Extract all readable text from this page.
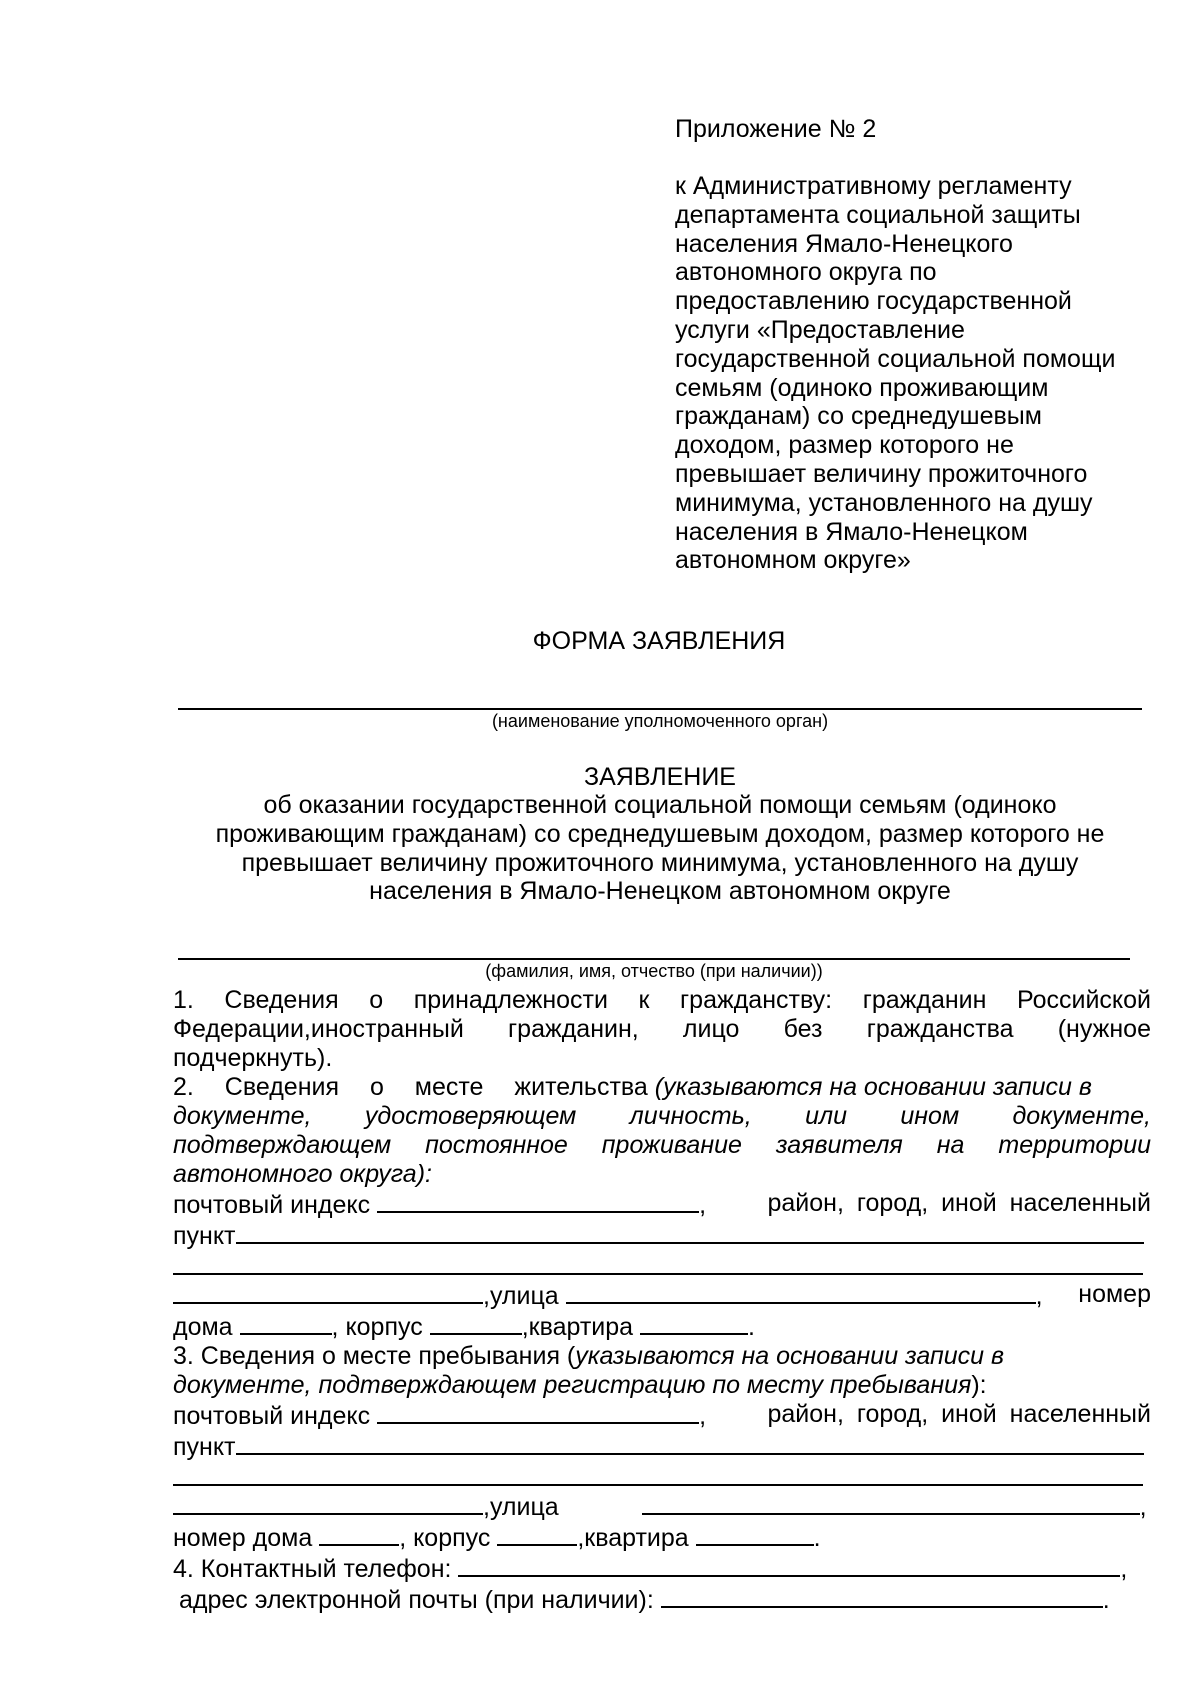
Приложение № 2
к Административному регламенту
департамента социальной защиты
населения Ямало-Ненецкого
автономного округа по
предоставлению государственной
услуги «Предоставление
государственной социальной помощи
семьям (одиноко проживающим
гражданам) со среднедушевым
доходом, размер которого не
превышает величину прожиточного
минимума, установленного на душу
населения в Ямало-Ненецком
автономном округе»
ФОРМА ЗАЯВЛЕНИЯ
(наименование уполномоченного орган)
ЗАЯВЛЕНИЕ
об оказании государственной социальной помощи семьям (одиноко
проживающим гражданам) со среднедушевым доходом, размер которого не
превышает величину прожиточного минимума, установленного на душу
населения в Ямало-Ненецком автономном округе
(фамилия, имя, отчество (при наличии))
1. Сведения о принадлежности к гражданству: гражданин Российской
Федерации,иностранный гражданин, лицо без гражданства (нужное
подчеркнуть).
2. Сведения о месте жительства (указываются на основании записи в
документе, удостоверяющем личность, или ином документе,
подтверждающем постоянное проживание заявителя на территории
автономного округа):
почтовый индекс	, район, город, иной населенный
пункт
,улица	, номер
дома	, корпус	,квартира	.
3. Сведения о месте пребывания (указываются на основании записи в
документе, подтверждающем регистрацию по месту пребывания):
почтовый индекс	, район, город, иной населенный
пункт
,улица	,
номер дома	, корпус	,квартира	.
4. Контактный телефон:	,
адрес электронной почты (при наличии):	.
